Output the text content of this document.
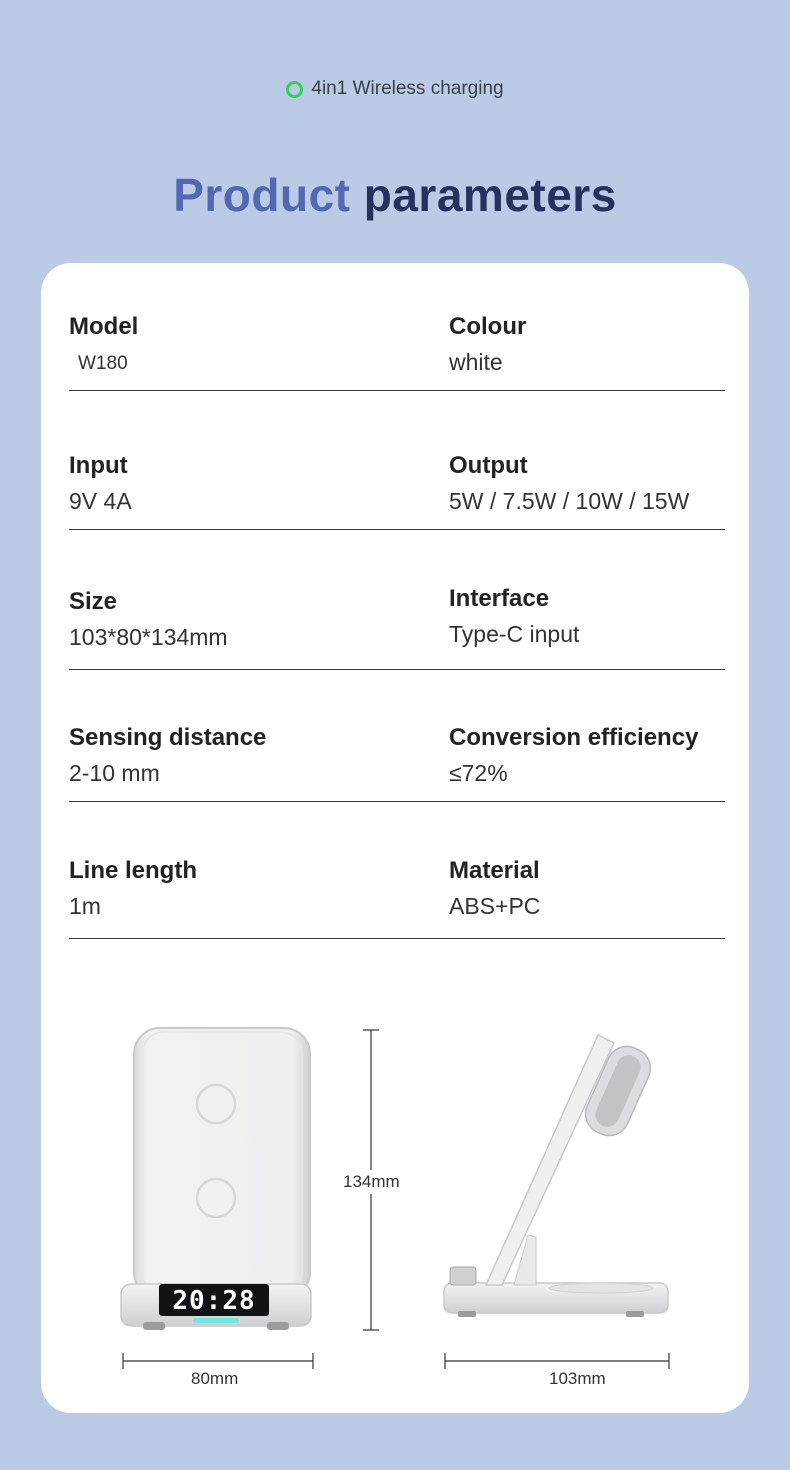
4in1 Wireless charging
Product parameters
Model
W180
Colour
white
Input
9V 4A
Output
5W / 7.5W / 10W / 15W
Size
103*80*134mm
Interface
Type-C input
Sensing distance
2-10 mm
Conversion efficiency
≤72%
Line length
1m
Material
ABS+PC
20:28
80mm
134mm
103mm
